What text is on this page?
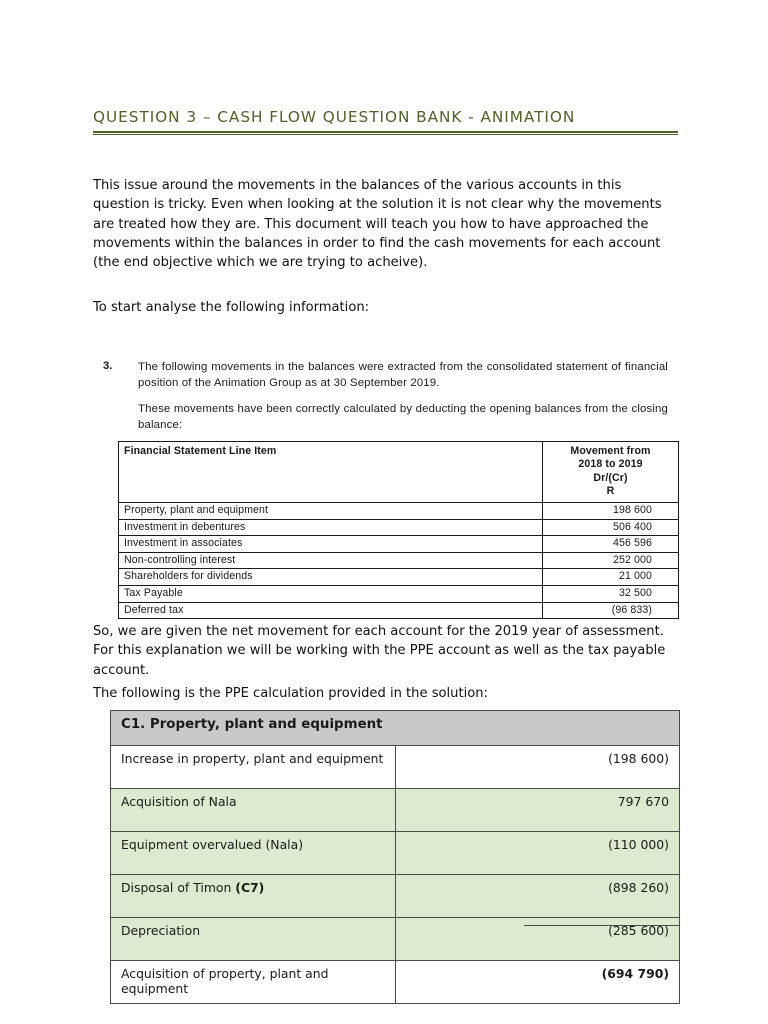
QUESTION 3 – CASH FLOW QUESTION BANK - ANIMATION
This issue around the movements in the balances of the various accounts in this question is tricky. Even when looking at the solution it is not clear why the movements are treated how they are. This document will teach you how to have approached the movements within the balances in order to find the cash movements for each account (the end objective which we are trying to acheive).
To start analyse the following information:
3. The following movements in the balances were extracted from the consolidated statement of financial position of the Animation Group as at 30 September 2019.
These movements have been correctly calculated by deducting the opening balances from the closing balance:
Financial Statement Line Item	Movement from
2018 to 2019
Dr/(Cr)
R

Property, plant and equipment	198 600
Investment in debentures	506 400
Investment in associates	456 596
Non-controlling interest	252 000
Shareholders for dividends	21 000
Tax Payable	32 500
Deferred tax	(96 833)
So, we are given the net movement for each account for the 2019 year of assessment. For this explanation we will be working with the PPE account as well as the tax payable account.
The following is the PPE calculation provided in the solution:
C1. Property, plant and equipment	
Increase in property, plant and equipment	(198 600)
Acquisition of Nala	797 670
Equipment overvalued (Nala)	(110 000)
Disposal of Timon (C7)	(898 260)
Depreciation	(285 600)
Acquisition of property, plant and equipment	(694 790)
